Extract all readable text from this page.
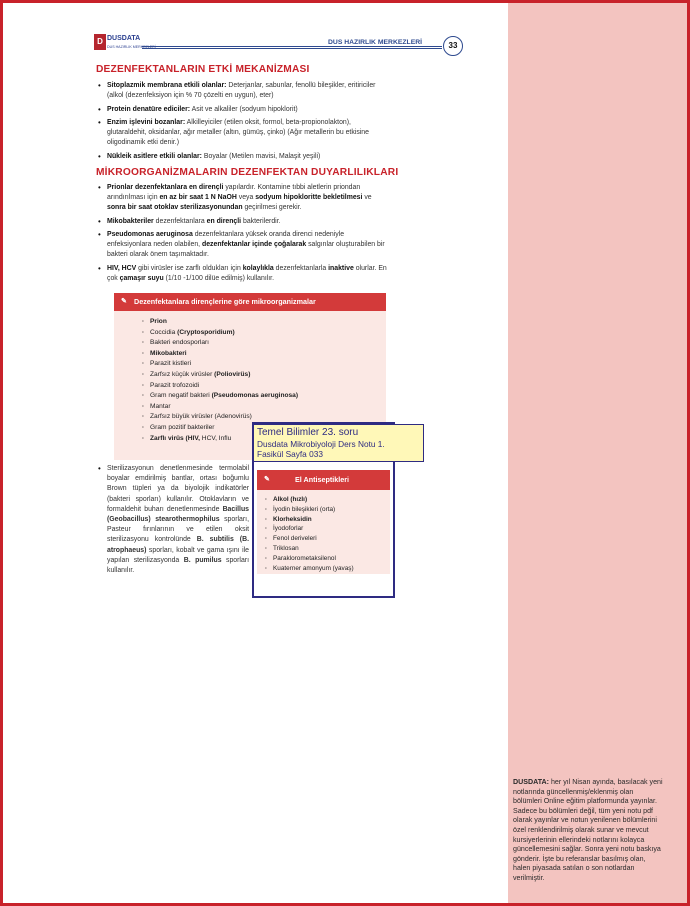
D DUSDATA
DUS HAZIRLIK MERKEZLERİ
DUS HAZIRLIK MERKEZLERİ	33
DEZENFEKTANLARIN ETKİ MEKANİZMASI
• Sitoplazmik membrana etkili olanlar: Deterjanlar, sabunlar, fenollü bileşikler, eritiriciler (alkol (dezenfeksiyon için % 70 çözelti en uygun), eter)
• Protein denatüre ediciler: Asit ve alkaliler (sodyum hipoklorit)
• Enzim işlevini bozanlar: Alkilleyiciler (etilen oksit, formol, beta-propionolakton), glutaraldehit, oksidanlar, ağır metaller (altın, gümüş, çinko) (Ağır metallerin bu etkisine oligodinamik etki denir.)
• Nükleik asitlere etkili olanlar: Boyalar (Metilen mavisi, Malaşit yeşili)
MİKROORGANİZMALARIN DEZENFEKTAN DUYARLILIKLARI
• Prionlar dezenfektanlara en dirençli yapılardır. Kontamine tıbbi aletlerin priondan arındırılması için en az bir saat 1 N NaOH veya sodyum hipokloritte bekletilmesi ve sonra bir saat otoklav sterilizasyonundan geçirilmesi gerekir.
• Mikobakteriler dezenfektanlara en dirençli bakterilerdir.
• Pseudomonas aeruginosa dezenfektanlara yüksek oranda direnci nedeniyle enfeksiyonlara neden olabilen, dezenfektanlar içinde çoğalarak salgınlar oluşturabilen bir bakteri olarak önem taşımaktadır.
• HIV, HCV gibi virüsler ise zarflı oldukları için kolaylıkla dezenfektanlarla inaktive olurlar. En çok çamaşır suyu (1/10 -1/100 dilüe edilmiş) kullanılır.
✎ Dezenfektanlara dirençlerine göre mikroorganizmalar
· Prion
· Coccidia (Cryptosporidium)
· Bakteri endosporları
· Mikobakteri
· Parazit kistleri
· Zarfsız küçük virüsler (Poliovirüs)
· Parazit trofozoidi
· Gram negatif bakteri (Pseudomonas aeruginosa)
· Mantar
· Zarfsız büyük virüsler (Adenovirüs)
· Gram pozitif bakteriler
· Zarflı virüs (HIV, HCV, Influ
• Sterilizasyonun denetlenmesinde termolabil boyalar emdirilmiş bantlar, ortası boğumlu Brown tüpleri ya da biyolojik indikatörler (bakteri sporları) kullanılır. Otoklavların ve formaldehit buharı denetlenmesinde Bacillus (Geobacillus) stearothermophilus sporları, Pasteur fırınlarının ve etilen oksit sterilizasyonu kontrolünde B. subtilis (B. atrophaeus) sporları, kobalt ve gama ışını ile yapılan sterilizasyonda B. pumilus sporları kullanılır.
✎	El Antiseptikleri
· Alkol (hızlı)
· İyodin bileşikleri (orta)
· Klorheksidin
· İyodoforlar
· Fenol derivelerі
· Triklosan
· Paraklorometaksilenol
· Kuaterner amonyum (yavaş)
Temel Bilimler 23. soru
Dusdata Mikrobiyoloji Ders Notu 1.
Fasikül Sayfa 033
DUSDATA: her yıl Nisan ayında, basılacak yeni notlarında güncellenmiş/eklenmiş olan bölümleri Online eğitim platformunda yayınlar. Sadece bu bölümleri değil, tüm yeni notu pdf olarak yayınlar ve notun yenilenen bölümlerini özel renklendirilmiş olarak sunar ve mevcut kursiyerlerinin ellerindeki notlarını kolayca güncellemesini sağlar. Sonra yeni notu baskıya gönderir. İşte bu referanslar basılmış olan, halen piyasada satılan o son notlardan verilmiştir.
